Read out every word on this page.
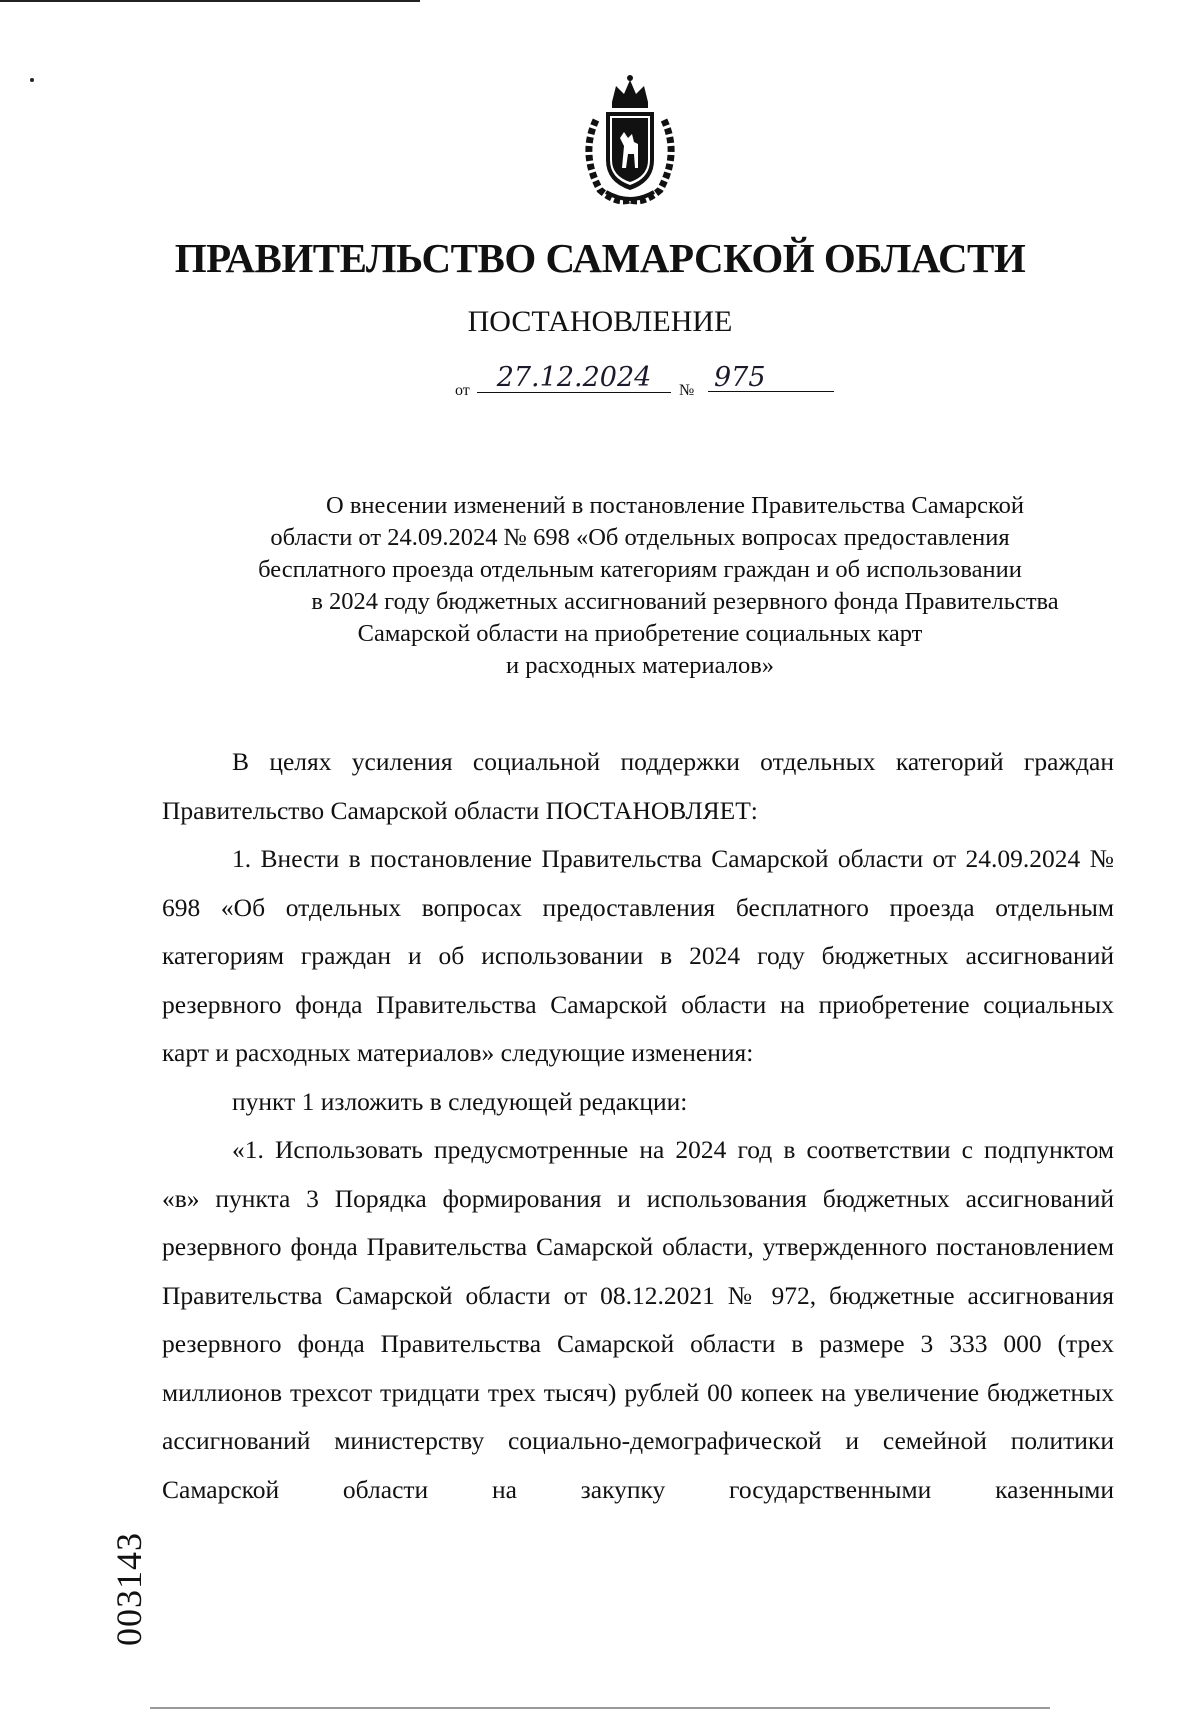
ПРАВИТЕЛЬСТВО САМАРСКОЙ ОБЛАСТИ
ПОСТАНОВЛЕНИЕ
от 27.12.2024	№ 975
О внесении изменений в постановление Правительства Самарской
области от 24.09.2024 № 698 «Об отдельных вопросах предоставления
бесплатного проезда отдельным категориям граждан и об использовании
в 2024 году бюджетных ассигнований резервного фонда Правительства
Самарской области на приобретение социальных карт
и расходных материалов»

В целях усиления социальной поддержки отдельных категорий граждан Правительство Самарской области ПОСТАНОВЛЯЕТ:

1. Внести в постановление Правительства Самарской области от 24.09.2024 № 698 «Об отдельных вопросах предоставления бесплатного проезда отдельным категориям граждан и об использовании в 2024 году бюджетных ассигнований резервного фонда Правительства Самарской области на приобретение социальных карт и расходных материалов» следующие изменения:

пункт 1 изложить в следующей редакции:

«1. Использовать предусмотренные на 2024 год в соответствии с подпунктом «в» пункта 3 Порядка формирования и использования бюджетных ассигнований резервного фонда Правительства Самарской области, утвержденного постановлением Правительства Самарской области от 08.12.2021 № 972, бюджетные ассигнования резервного фонда Правительства Самарской области в размере 3 333 000 (трех миллионов трехсот тридцати трех тысяч) рублей 00 копеек на увеличение бюджетных ассигнований министерству социально-демографической и семейной политики Самарской области на закупку государственными казенными

003143
